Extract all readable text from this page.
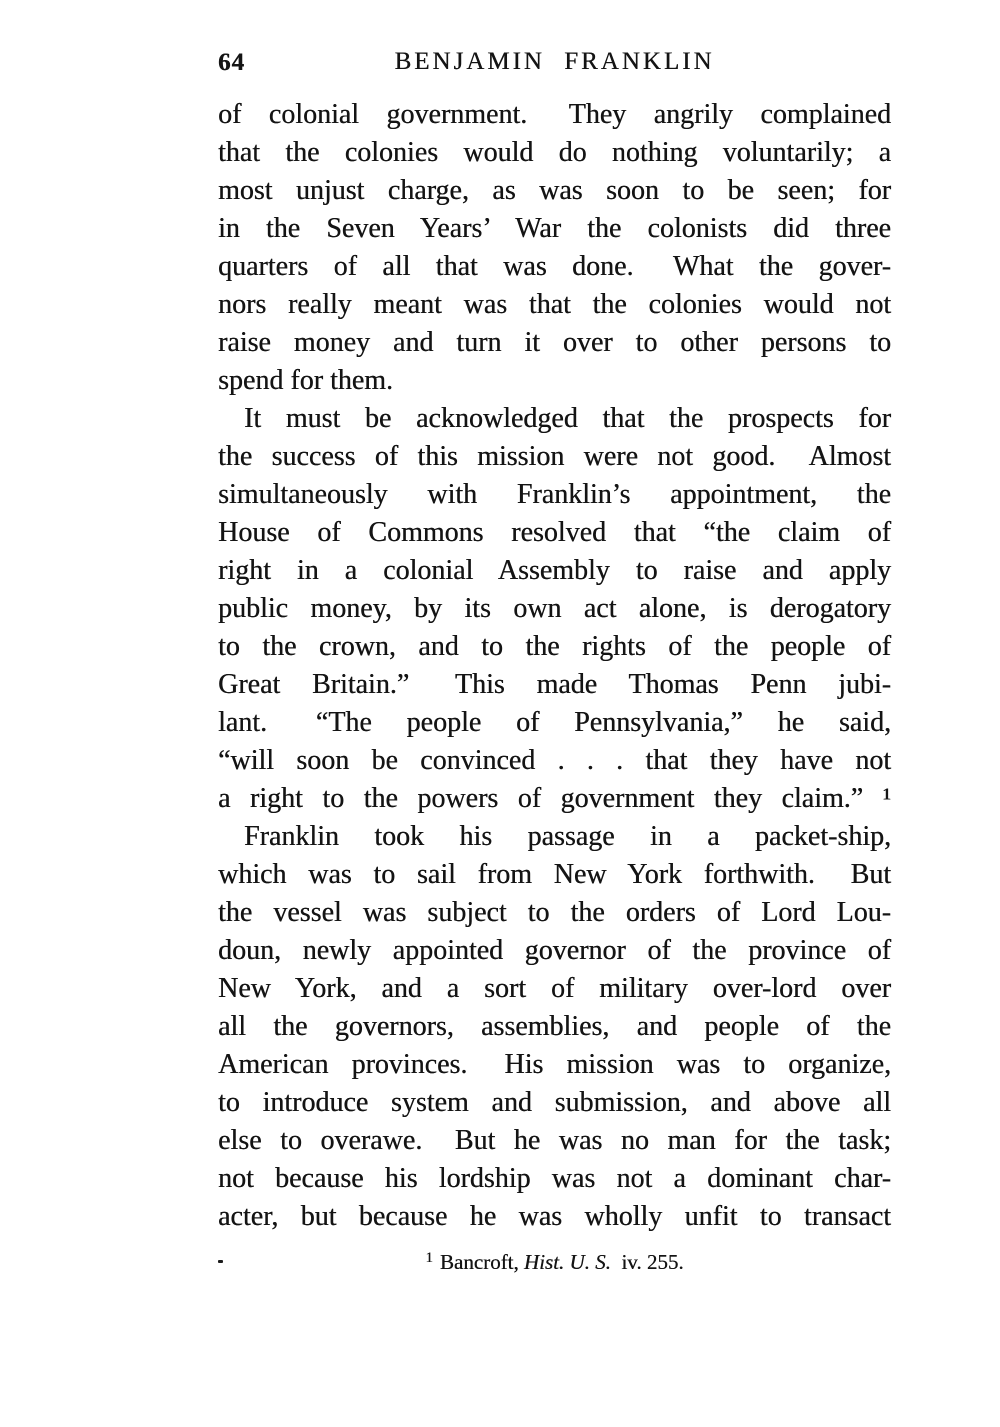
64	BENJAMIN FRANKLIN
of colonial government.  They angrily complained
that the colonies would do nothing voluntarily; a
most unjust charge, as was soon to be seen; for
in the Seven Years’ War the colonists did three
quarters of all that was done.  What the gover-
nors really meant was that the colonies would not
raise money and turn it over to other persons to
spend for them.
It must be acknowledged that the prospects for
the success of this mission were not good.  Almost
simultaneously with Franklin’s appointment, the
House of Commons resolved that “the claim of
right in a colonial Assembly to raise and apply
public money, by its own act alone, is derogatory
to the crown, and to the rights of the people of
Great Britain.”  This made Thomas Penn jubi-
lant.  “The people of Pennsylvania,” he said,
“will soon be convinced . . . that they have not
a right to the powers of government they claim.” ¹
Franklin took his passage in a packet-ship,
which was to sail from New York forthwith.  But
the vessel was subject to the orders of Lord Lou-
doun, newly appointed governor of the province of
New York, and a sort of military over-lord over
all the governors, assemblies, and people of the
American provinces.  His mission was to organize,
to introduce system and submission, and above all
else to overawe.  But he was no man for the task;
not because his lordship was not a dominant char-
acter, but because he was wholly unfit to transact
$^1$ Bancroft, Hist. U. S. iv. 255.
